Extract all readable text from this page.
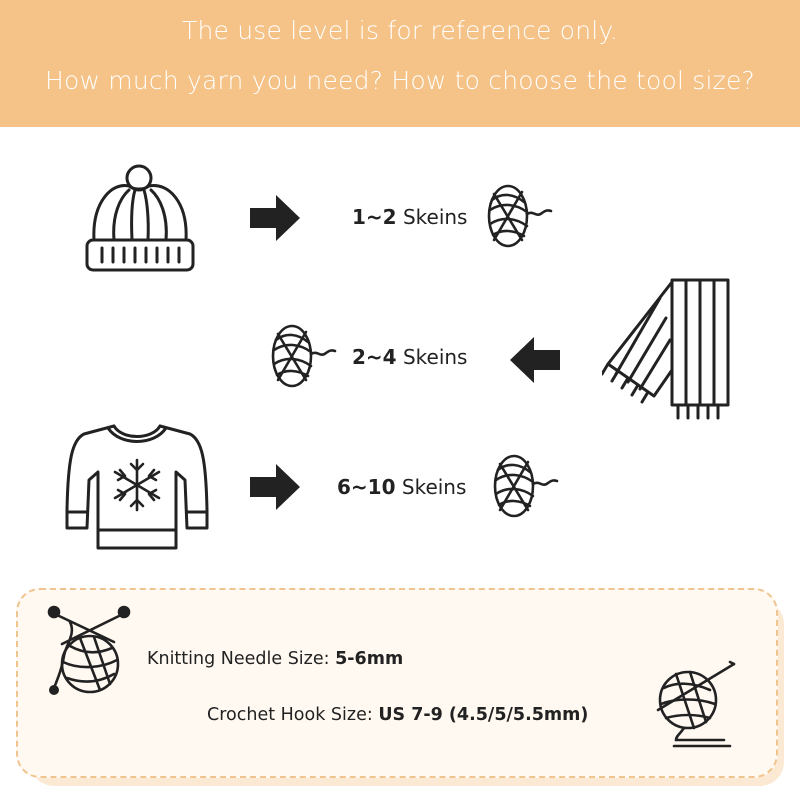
The use level is for reference only.
How much yarn you need? How to choose the tool size?
1~2 Skeins
2~4 Skeins
6~10 Skeins
Knitting Needle Size: 5-6mm
Crochet Hook Size: US 7-9 (4.5/5/5.5mm)
